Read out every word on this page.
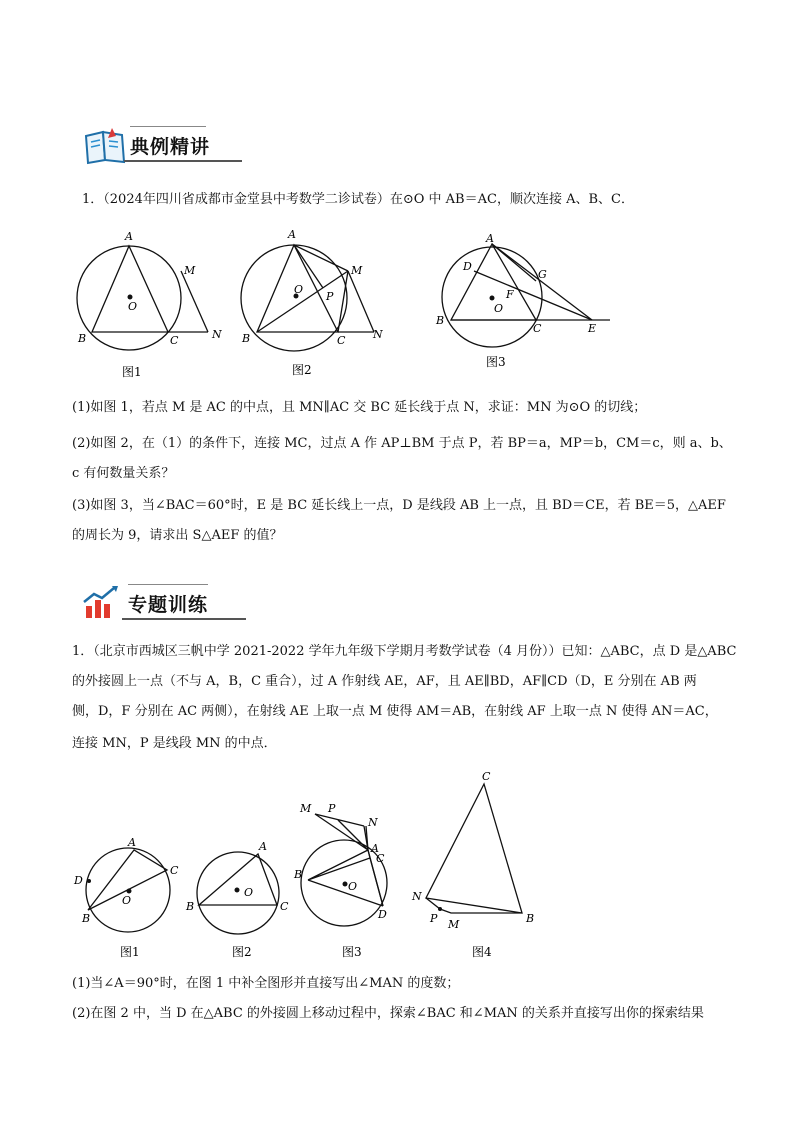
典例精讲
1．（2024年四川省成都市金堂县中考数学二诊试卷）在⊙O 中 AB＝AC，顺次连接 A、B、C．
A
B	C
M
N
O
A
B	C
M
N
O
P
A
B
C
D
E
F
G
O
图1	图2
图3
(1)如图 1，若点 M 是 AC 的中点，且 MN∥AC 交 BC 延长线于点 N，求证：MN 为⊙O 的切线；
(2)如图 2，在（1）的条件下，连接 MC，过点 A 作 AP⊥BM 于点 P，若 BP＝a，MP＝b，CM＝c，则 a、b、
c 有何数量关系？
(3)如图 3，当∠BAC＝60°时，E 是 BC 延长线上一点，D 是线段 AB 上一点，且 BD＝CE，若 BE＝5，△AEF
的周长为 9，请求出 S△AEF 的值？
专题训练
1．（北京市西城区三帆中学 2021-2022 学年九年级下学期月考数学试卷（4 月份））已知：△ABC，点 D 是△ABC
的外接圆上一点（不与 A，B，C 重合），过 A 作射线 AE，AF，且 AE∥BD，AF∥CD（D，E 分别在 AB 两
侧，D，F 分别在 AC 两侧），在射线 AE 上取一点 M 使得 AM＝AB，在射线 AF 上取一点 N 使得 AN＝AC，
连接 MN，P 是线段 MN 的中点．
A
B
C
D
O
A
B	C
O
M P
N
A
C
B
D
O
C
N
P M	B
图1	图2	图3	图4
(1)当∠A＝90°时，在图 1 中补全图形并直接写出∠MAN 的度数；
(2)在图 2 中，当 D 在△ABC 的外接圆上移动过程中，探索∠BAC 和∠MAN 的关系并直接写出你的探索结果
